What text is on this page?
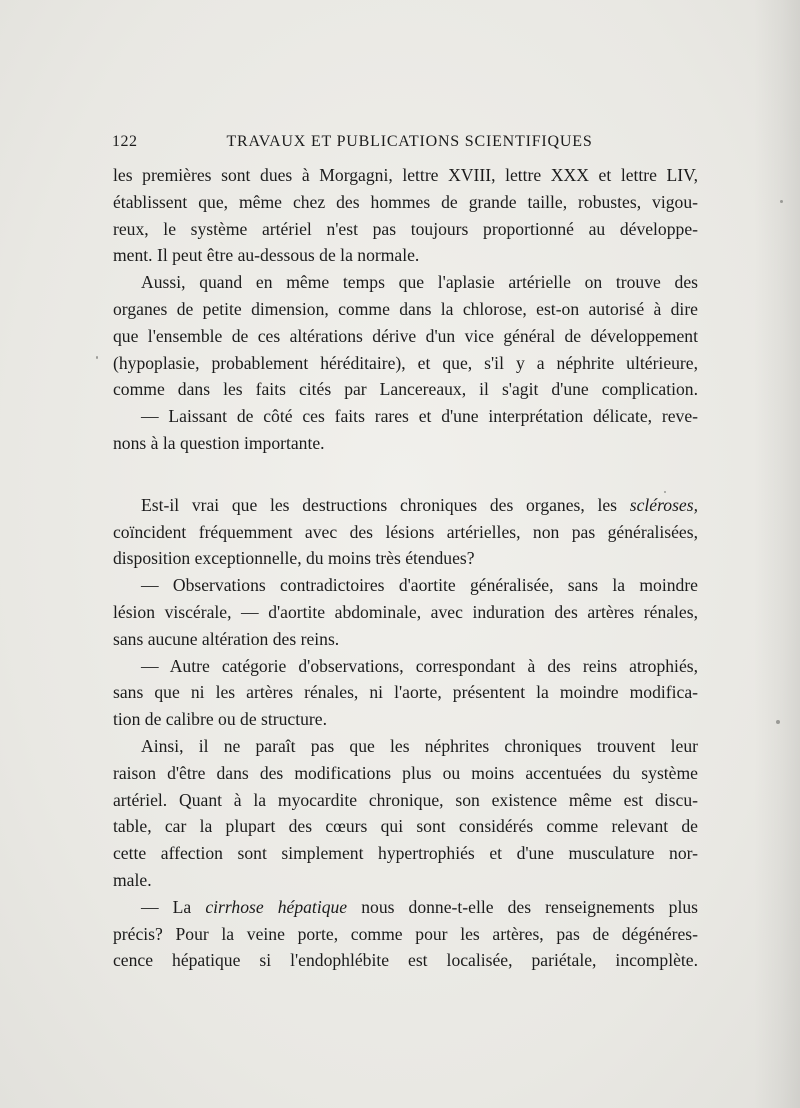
122	TRAVAUX ET PUBLICATIONS SCIENTIFIQUES
les premières sont dues à Morgagni, lettre XVIII, lettre XXX et lettre LIV,
établissent que, même chez des hommes de grande taille, robustes, vigou-
reux, le système artériel n'est pas toujours proportionné au développe-
ment. Il peut être au-dessous de la normale.
Aussi, quand en même temps que l'aplasie artérielle on trouve des
organes de petite dimension, comme dans la chlorose, est-on autorisé à dire
que l'ensemble de ces altérations dérive d'un vice général de développement
(hypoplasie, probablement héréditaire), et que, s'il y a néphrite ultérieure,
comme dans les faits cités par Lancereaux, il s'agit d'une complication.
— Laissant de côté ces faits rares et d'une interprétation délicate, reve-
nons à la question importante.
Est-il vrai que les destructions chroniques des organes, les scléroses,
coïncident fréquemment avec des lésions artérielles, non pas généralisées,
disposition exceptionnelle, du moins très étendues?
— Observations contradictoires d'aortite généralisée, sans la moindre
lésion viscérale, — d'aortite abdominale, avec induration des artères rénales,
sans aucune altération des reins.
— Autre catégorie d'observations, correspondant à des reins atrophiés,
sans que ni les artères rénales, ni l'aorte, présentent la moindre modifica-
tion de calibre ou de structure.
Ainsi, il ne paraît pas que les néphrites chroniques trouvent leur
raison d'être dans des modifications plus ou moins accentuées du système
artériel. Quant à la myocardite chronique, son existence même est discu-
table, car la plupart des cœurs qui sont considérés comme relevant de
cette affection sont simplement hypertrophiés et d'une musculature nor-
male.
— La cirrhose hépatique nous donne-t-elle des renseignements plus
précis? Pour la veine porte, comme pour les artères, pas de dégénéres-
cence hépatique si l'endophlébite est localisée, pariétale, incomplète.
